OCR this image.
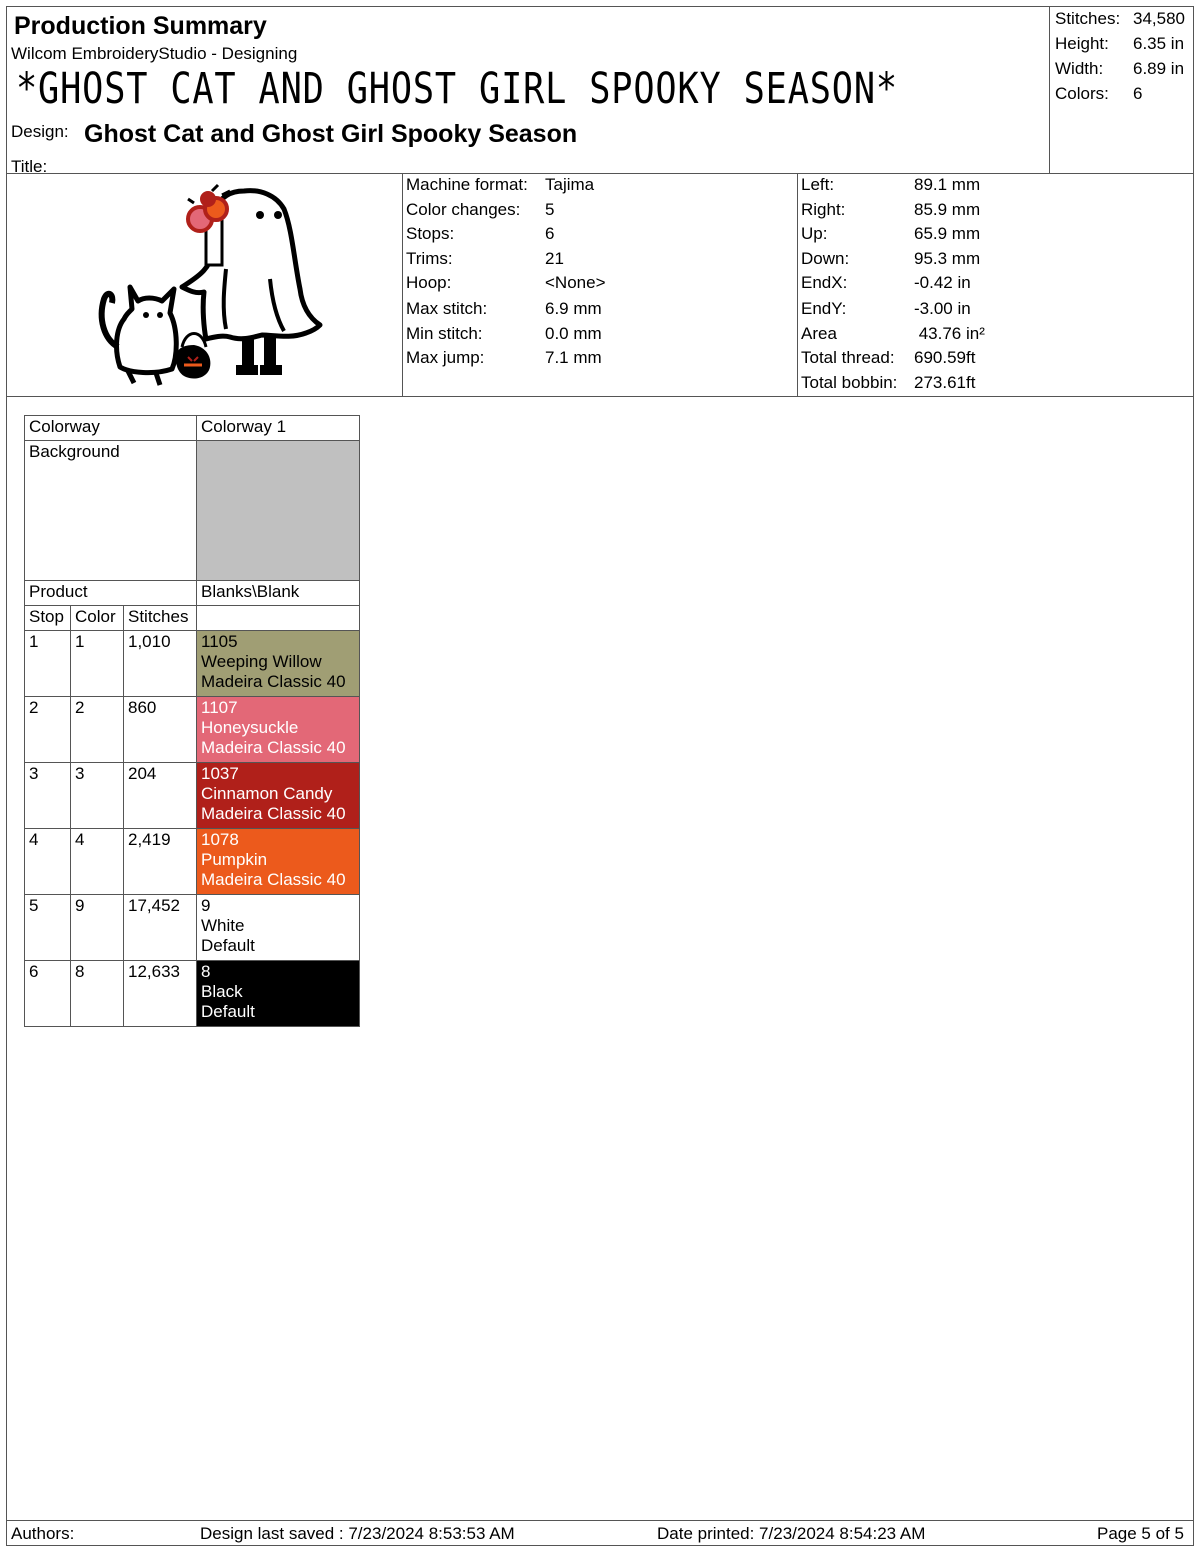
Production Summary
Wilcom EmbroideryStudio - Designing
*GHOST CAT AND GHOST GIRL SPOOKY SEASON*
Design: Ghost Cat and Ghost Girl Spooky Season
Title:
Stitches: 34,580
Height:	6.35 in
Width:	6.89 in
Colors:	6
Machine format: Tajima
Color changes: 5
Stops:	6
Trims:	21
Hoop:	<None>
Max stitch:	6.9 mm
Min stitch:	0.0 mm
Max jump:	7.1 mm
Left:	89.1 mm
Right:	85.9 mm
Up:	65.9 mm
Down:	95.3 mm
EndX:	-0.42 in
EndY:	-3.00 in
Area	43.76 in²
Total thread: 690.59ft
Total bobbin: 273.61ft
Colorway			Colorway 1
Background			
Product			Blanks\Blank
Stop	Color	Stitches	
1	1	1,010	1105
Weeping Willow
Madeira Classic 40

2	2	860	1107
Honeysuckle
Madeira Classic 40

3	3	204	1037
Cinnamon Candy
Madeira Classic 40

4	4	2,419	1078
Pumpkin
Madeira Classic 40

5	9	17,452	9
White
Default

6	8	12,633	8
Black
Default
Authors:	Design last saved : 7/23/2024 8:53:53 AM	Date printed: 7/23/2024 8:54:23 AM	Page 5 of 5
